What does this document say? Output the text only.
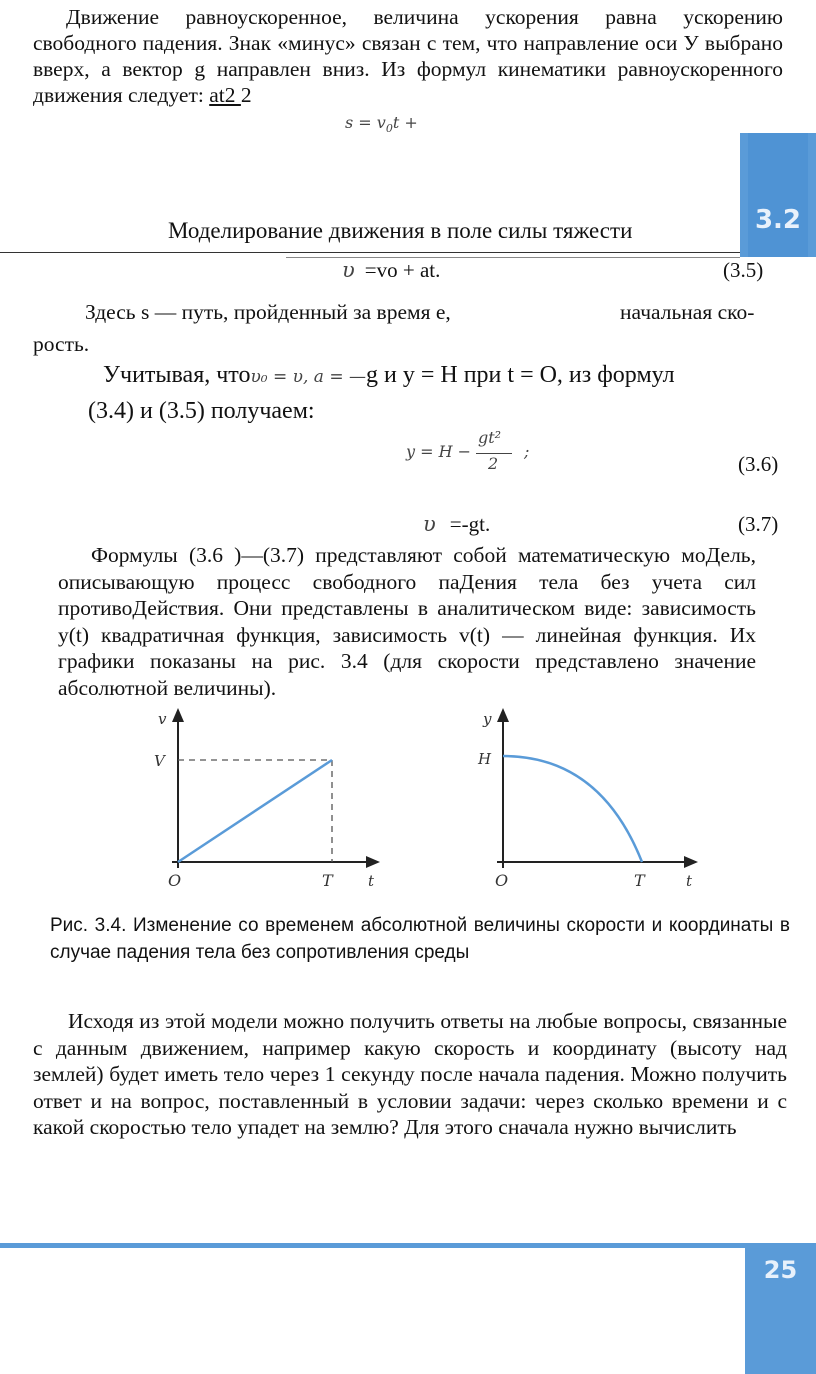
Движение равноускоренное, величина ускорения равна ускорению свободного падения. Знак «минус» связан с тем, что направление оси У выбрано вверх, а вектор g направлен вниз. Из формул кинематики равноускоренного движения следует: at2 2
$s = v_0t$ +
3.2
Моделирование движения в поле силы тяжести
υ =vo + at.	(3.5)
Здесь s — путь, пройденный за время е,	начальная ско-
рость.
Учитывая, чтоυ₀ = υ, a = —g и у = Н при t = О, из формул
(3.4) и (3.5) получаем:
y = H −
gt²
2
;
(3.6)
υ =-gt.	(3.7)
Формулы (3.6 )—(3.7) представляют собой математическую моДель, описывающую процесс свободного паДения тела без учета сил противоДействия. Они представлены в аналитическом виде: зависимость y(t) квадратичная функция, зависимость v(t) — линейная функция. Их графики показаны на рис. 3.4 (для скорости представлено значение абсолютной величины).
v
V
O	T t
y
H
O	T	t
Рис. 3.4. Изменение со временем абсолютной величины скорости и координаты в случае падения тела без сопротивления среды
Исходя из этой модели можно получить ответы на любые вопросы, связанные с данным движением, например какую скорость и координату (высоту над землей) будет иметь тело через 1 секунду после начала падения. Можно получить ответ и на вопрос, поставленный в условии задачи: через сколько времени и с какой скоростью тело упадет на землю? Для этого сначала нужно вычислить
25
